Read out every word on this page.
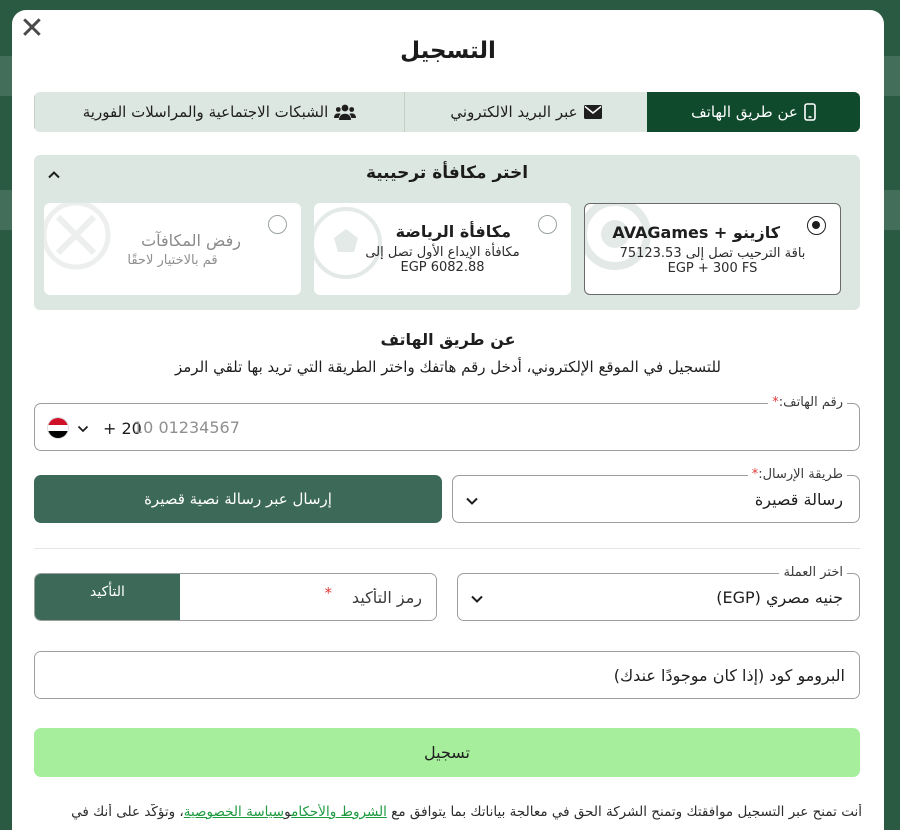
✕
التسجيل
عن طريق الهاتف
عبر البريد الالكتروني
الشبكات الاجتماعية والمراسلات الفورية
اختر مكافأة ترحيبية
كازينو + AVAGames
باقة الترحيب تصل إلى 75123.53
EGP + 300 FS
مكافأة الرياضة
مكافأة الإيداع الأول تصل إلى
EGP 6082.88
رفض المكافآت
قم بالاختيار لاحقًا
عن طريق الهاتف
للتسجيل في الموقع الإلكتروني، أدخل رقم هاتفك واختر الطريقة التي تريد بها تلقي الرمز
رقم الهاتف:*
+ 20
10 01234567
إرسال عبر رسالة نصية قصيرة
طريقة الإرسال:*
رسالة قصيرة
التأكيد
رمز التأكيد	*
اختر العملة
جنيه مصري (EGP)
البرومو كود (إذا كان موجودًا عندك)
تسجيل
أنت تمنح عبر التسجيل موافقتك وتمنح الشركة الحق في معالجة بياناتك بما يتوافق مع الشروط والأحكاموسياسة الخصوصية، وتؤكّد على أنك في
